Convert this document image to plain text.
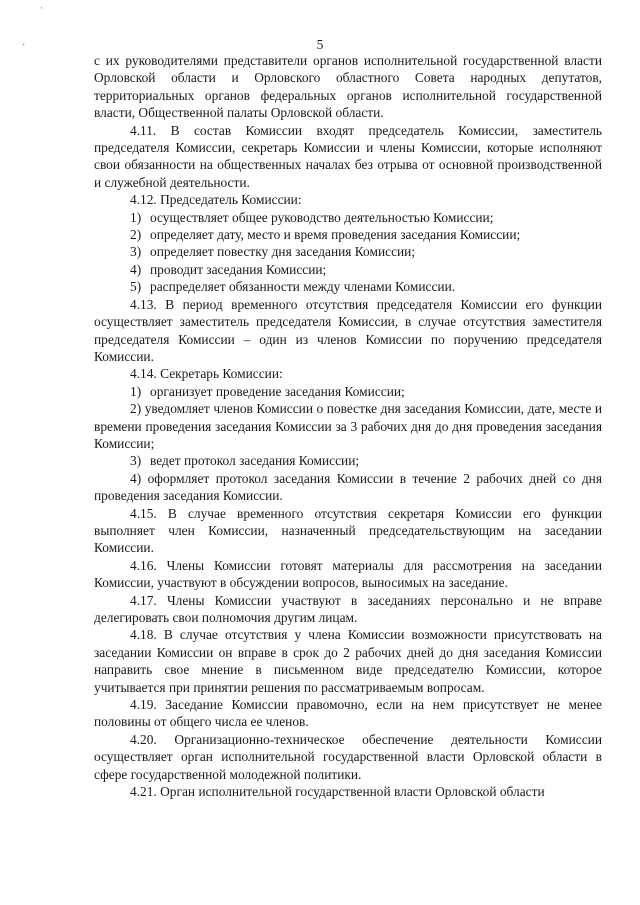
ˈ
·	5

с их руководителями представители органов исполнительной государственной власти Орловской области и Орловского областного Совета народных депутатов, территориальных органов федеральных органов исполнительной государственной власти, Общественной палаты Орловской области.

4.11. В состав Комиссии входят председатель Комиссии, заместитель председателя Комиссии, секретарь Комиссии и члены Комиссии, которые исполняют свои обязанности на общественных началах без отрыва от основной производственной и служебной деятельности.

4.12. Председатель Комиссии:

1) осуществляет общее руководство деятельностью Комиссии;

2) определяет дату, место и время проведения заседания Комиссии;

3) определяет повестку дня заседания Комиссии;

4) проводит заседания Комиссии;

5) распределяет обязанности между членами Комиссии.

4.13. В период временного отсутствия председателя Комиссии его функции осуществляет заместитель председателя Комиссии, в случае отсутствия заместителя председателя Комиссии – один из членов Комиссии по поручению председателя Комиссии.

4.14. Секретарь Комиссии:

1) организует проведение заседания Комиссии;

2) уведомляет членов Комиссии о повестке дня заседания Комиссии, дате, месте и времени проведения заседания Комиссии за 3 рабочих дня до дня проведения заседания Комиссии;

3) ведет протокол заседания Комиссии;

4) оформляет протокол заседания Комиссии в течение 2 рабочих дней со дня проведения заседания Комиссии.

4.15. В случае временного отсутствия секретаря Комиссии его функции выполняет член Комиссии, назначенный председательствующим на заседании Комиссии.

4.16. Члены Комиссии готовят материалы для рассмотрения на заседании Комиссии, участвуют в обсуждении вопросов, выносимых на заседание.

4.17. Члены Комиссии участвуют в заседаниях персонально и не вправе делегировать свои полномочия другим лицам.

4.18. В случае отсутствия у члена Комиссии возможности присутствовать на заседании Комиссии он вправе в срок до 2 рабочих дней до дня заседания Комиссии направить свое мнение в письменном виде председателю Комиссии, которое учитывается при принятии решения по рассматриваемым вопросам.

4.19. Заседание Комиссии правомочно, если на нем присутствует не менее половины от общего числа ее членов.

4.20. Организационно-техническое обеспечение деятельности Комиссии осуществляет орган исполнительной государственной власти Орловской области в сфере государственной молодежной политики.

4.21. Орган исполнительной государственной власти Орловской области
